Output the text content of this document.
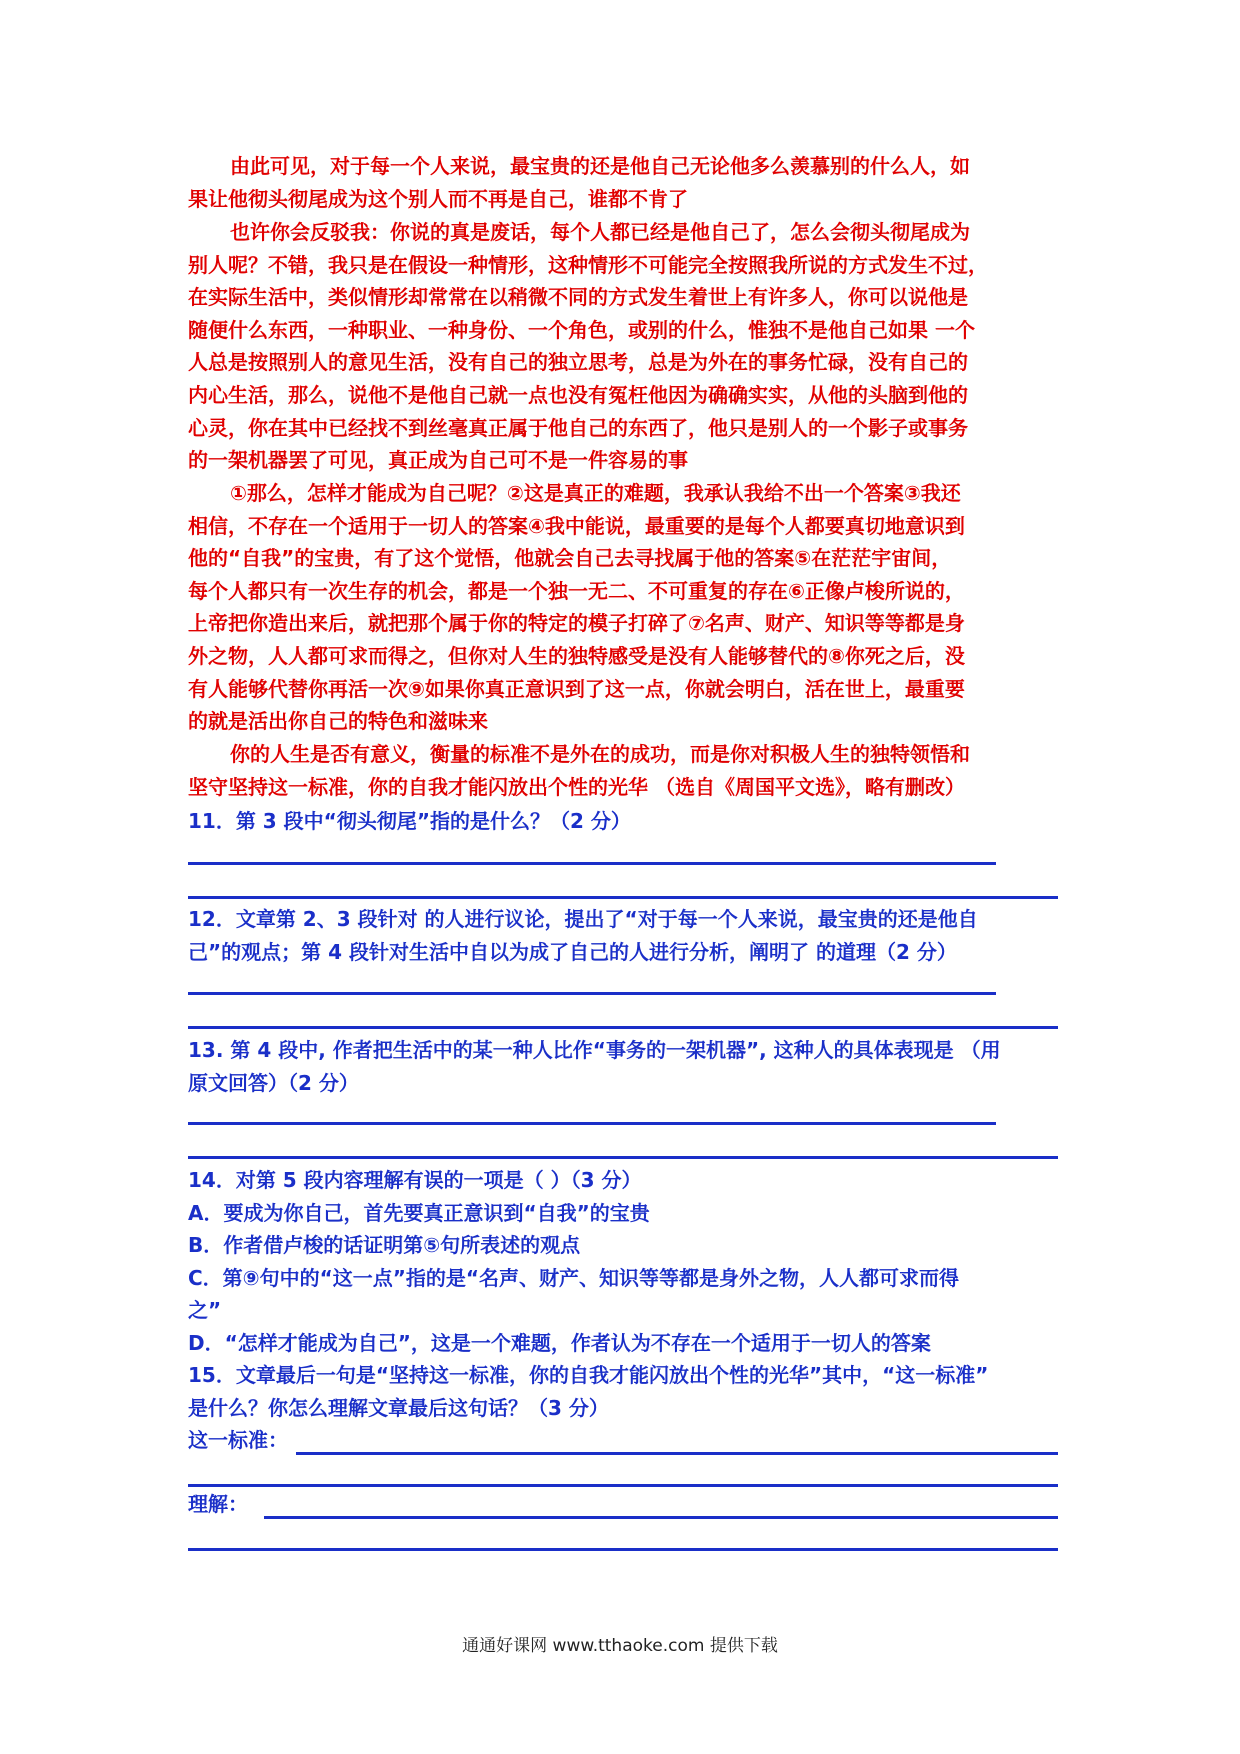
由此可见，对于每一个人来说，最宝贵的还是他自己无论他多么羡慕别的什么人，如
果让他彻头彻尾成为这个别人而不再是自己，谁都不肯了

也许你会反驳我：你说的真是废话，每个人都已经是他自己了，怎么会彻头彻尾成为
别人呢？不错，我只是在假设一种情形，这种情形不可能完全按照我所说的方式发生不过，
在实际生活中，类似情形却常常在以稍微不同的方式发生着世上有许多人，你可以说他是
随便什么东西，一种职业、一种身份、一个角色，或别的什么，惟独不是他自己如果 一个
人总是按照别人的意见生活，没有自己的独立思考，总是为外在的事务忙碌，没有自己的
内心生活，那么，说他不是他自己就一点也没有冤枉他因为确确实实，从他的头脑到他的
心灵，你在其中已经找不到丝毫真正属于他自己的东西了，他只是别人的一个影子或事务
的一架机器罢了可见，真正成为自己可不是一件容易的事

①那么，怎样才能成为自己呢？②这是真正的难题，我承认我给不出一个答案③我还
相信，不存在一个适用于一切人的答案④我中能说，最重要的是每个人都要真切地意识到
他的“自我”的宝贵，有了这个觉悟，他就会自己去寻找属于他的答案⑤在茫茫宇宙间，
每个人都只有一次生存的机会，都是一个独一无二、不可重复的存在⑥正像卢梭所说的，
上帝把你造出来后，就把那个属于你的特定的模子打碎了⑦名声、财产、知识等等都是身
外之物，人人都可求而得之，但你对人生的独特感受是没有人能够替代的⑧你死之后，没
有人能够代替你再活一次⑨如果你真正意识到了这一点，你就会明白，活在世上，最重要
的就是活出你自己的特色和滋味来

你的人生是否有意义，衡量的标准不是外在的成功，而是你对积极人生的独特领悟和
坚守坚持这一标准，你的自我才能闪放出个性的光华 （选自《周国平文选》，略有删改）

11．第 3 段中“彻头彻尾”指的是什么？（2 分）

12．文章第 2、3 段针对 的人进行议论，提出了“对于每一个人来说，最宝贵的还是他自
己”的观点；第 4 段针对生活中自以为成了自己的人进行分析，阐明了 的道理（2 分）

13. 第 4 段中, 作者把生活中的某一种人比作“事务的一架机器”, 这种人的具体表现是 （用
原文回答）（2 分）

14．对第 5 段内容理解有误的一项是（ ）（3 分）
A．要成为你自己，首先要真正意识到“自我”的宝贵
B．作者借卢梭的话证明第⑤句所表述的观点
C．第⑨句中的“这一点”指的是“名声、财产、知识等等都是身外之物，人人都可求而得
之”
D．“怎样才能成为自己”，这是一个难题，作者认为不存在一个适用于一切人的答案

15．文章最后一句是“坚持这一标准，你的自我才能闪放出个性的光华”其中，“这一标准”
是什么？你怎么理解文章最后这句话？（3 分）

这一标准：
理解：
通通好课网 www.tthaoke.com 提供下载
